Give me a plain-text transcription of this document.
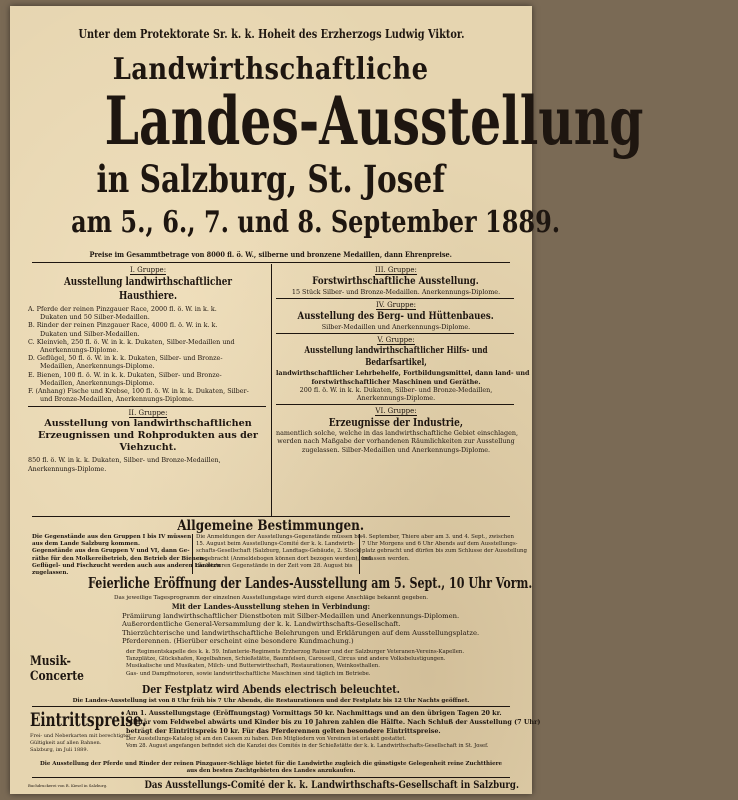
Unter dem Protektorate Sr. k. k. Hoheit des Erzherzogs Ludwig Viktor.
Landwirthschaftliche
Landes-Ausstellung
in Salzburg, St. Josef
am 5., 6., 7. und 8. September 1889.
Preise im Gesammtbetrage von 8000 fl. ö. W., silberne und bronzene Medaillen, dann Ehrenpreise.
I. Gruppe:
Ausstellung landwirthschaftlicher Hausthiere.
A. Pferde der reinen Pinzgauer Race, 2000 fl. ö. W. in k. k.
Dukaten und 50 Silber-Medaillen.
B. Rinder der reinen Pinzgauer Race, 4000 fl. ö. W. in k. k.
Dukaten und Silber-Medaillen.
C. Kleinvieh, 250 fl. ö. W. in k. k. Dukaten, Silber-Medaillen und
Anerkennungs-Diplome.
D. Geflügel, 50 fl. ö. W. in k. k. Dukaten, Silber- und Bronze-
Medaillen, Anerkennungs-Diplome.
E. Bienen, 100 fl. ö. W. in k. k. Dukaten, Silber- und Bronze-
Medaillen, Anerkennungs-Diplome.
F. (Anhang) Fische und Krebse, 100 fl. ö. W. in k. k. Dukaten, Silber-
und Bronze-Medaillen, Anerkennungs-Diplome.
II. Gruppe:
Ausstellung von landwirthschaftlichen Erzeugnissen und Rohprodukten aus der Viehzucht.
850 fl. ö. W. in k. k. Dukaten, Silber- und Bronze-Medaillen,
Anerkennungs-Diplome.
III. Gruppe:
Forstwirthschaftliche Ausstellung.
15 Stück Silber- und Bronze-Medaillen. Anerkennungs-Diplome.
IV. Gruppe:
Ausstellung des Berg- und Hüttenbaues.
Silber-Medaillen und Anerkennungs-Diplome.
V. Gruppe:
Ausstellung landwirthschaftlicher Hilfs- und Bedarfsartikel,
landwirthschaftlicher Lehrbehelfe, Fortbildungsmittel, dann land- und
forstwirthschaftlicher Maschinen und Geräthe.
200 fl. ö. W. in k. k. Dukaten, Silber- und Bronze-Medaillen,
Anerkennungs-Diplome.
VI. Gruppe:
Erzeugnisse der Industrie,
namentlich solche, welche in das landwirthschaftliche Gebiet einschlagen,
werden nach Maßgabe der vorhandenen Räumlichkeiten zur Ausstellung
zugelassen. Silber-Medaillen und Anerkennungs-Diplome.
Allgemeine Bestimmungen.
Die Gegenstände aus den Gruppen I bis IV müssen
aus dem Lande Salzburg kommen.
Gegenstände aus den Gruppen V und VI, dann Ge-
räthe für den Molkereibetrieb, den Betrieb der Bienen-,
Geflügel- und Fischzucht werden auch aus anderen Ländern
zugelassen.
Die Anmeldungen der Ausstellungs-Gegenstände müssen bis
15. August beim Ausstellungs-Comité der k. k. Landwirth-
schafts-Gesellschaft (Salzburg, Landtags-Gebäude, 2. Stock)
eingebracht (Anmeldebogen können dort bezogen werden), und
die letzteren Gegenstände in der Zeit vom 28. August bis
4. September, Thiere aber am 3. und 4. Sept., zwischen
7 Uhr Morgens und 6 Uhr Abends auf dem Ausstellungs-
platz gebracht und dürfen bis zum Schlusse der Ausstellung
belassen werden.
Feierliche Eröffnung der Landes-Ausstellung am 5. Sept., 10 Uhr Vorm.
Das jeweilige Tagesprogramm der einzelnen Ausstellungstage wird durch eigene Anschläge bekannt gegeben.
Mit der Landes-Ausstellung stehen in Verbindung:
Prämiirung landwirthschaftlicher Dienstboten mit Silber-Medaillen und Anerkennungs-Diplomen.
Außerordentliche General-Versammlung der k. k. Landwirthschafts-Gesellschaft.
Thierzüchterische und landwirthschaftliche Belehrungen und Erklärungen auf dem Ausstellungsplatze.
Pferderennen. (Hierüber erscheint eine besondere Kundmachung.)
Musik-Concerte
der Regimentskapelle des k. k. 59. Infanterie-Regiments Erzherzog Rainer und der Salzburger Veteranen-Vereins-Kapellen.
Tanzplätze, Glückshafen, Kegelbahnen, Schießstätte, Baumfelsen, Carousell, Circus und andere Volksbelustigungen.
Musikalische und Musikaten, Milch- und Butterwirthschaft, Restaurationen, Weinkosthallen.
Gas- und Dampfmotoren, sowie landwirthschaftliche Maschinen sind täglich im Betriebe.
Der Festplatz wird Abends electrisch beleuchtet.
Die Landes-Ausstellung ist von 8 Uhr früh bis 7 Uhr Abends, die Restaurationen und der Festplatz bis 12 Uhr Nachts geöffnet.
Eintrittspreise.
Frei- und Neberkarten mit berechtigter
Gültigkeit auf allen Bahnen.
Salzburg, im Juli 1889.
Am 1. Ausstellungstage (Eröffnungstag) Vormittags 50 kr. Nachmittags und an den übrigen Tagen 20 kr.
Militär vom Feldwebel abwärts und Kinder bis zu 10 Jahren zahlen die Hälfte. Nach Schluß der Ausstellung (7 Uhr)
beträgt der Eintrittspreis 10 kr. Für das Pferderennen gelten besondere Eintrittspreise.
Der Ausstellungs-Katalog ist am den Cassen zu haben. Den Mitgliedern von Vereinen ist erlaubt gestattet.
Vom 28. August angefangen befindet sich die Kanzlei des Comités in der Schießstätte der k. k. Landwirthschafts-Gesellschaft in St. Josef.
Die Ausstellung der Pferde und Rinder der reinen Pinzgauer-Schläge bietet für die Landwirthe zugleich die günstigste Gelegenheit reine Zuchtthiere
aus den besten Zuchtgebieten des Landes anzukaufen.
Buchdruckerei von R. Kiesel in Salzburg.	Das Ausstellungs-Comité der k. k. Landwirthschafts-Gesellschaft in Salzburg.
